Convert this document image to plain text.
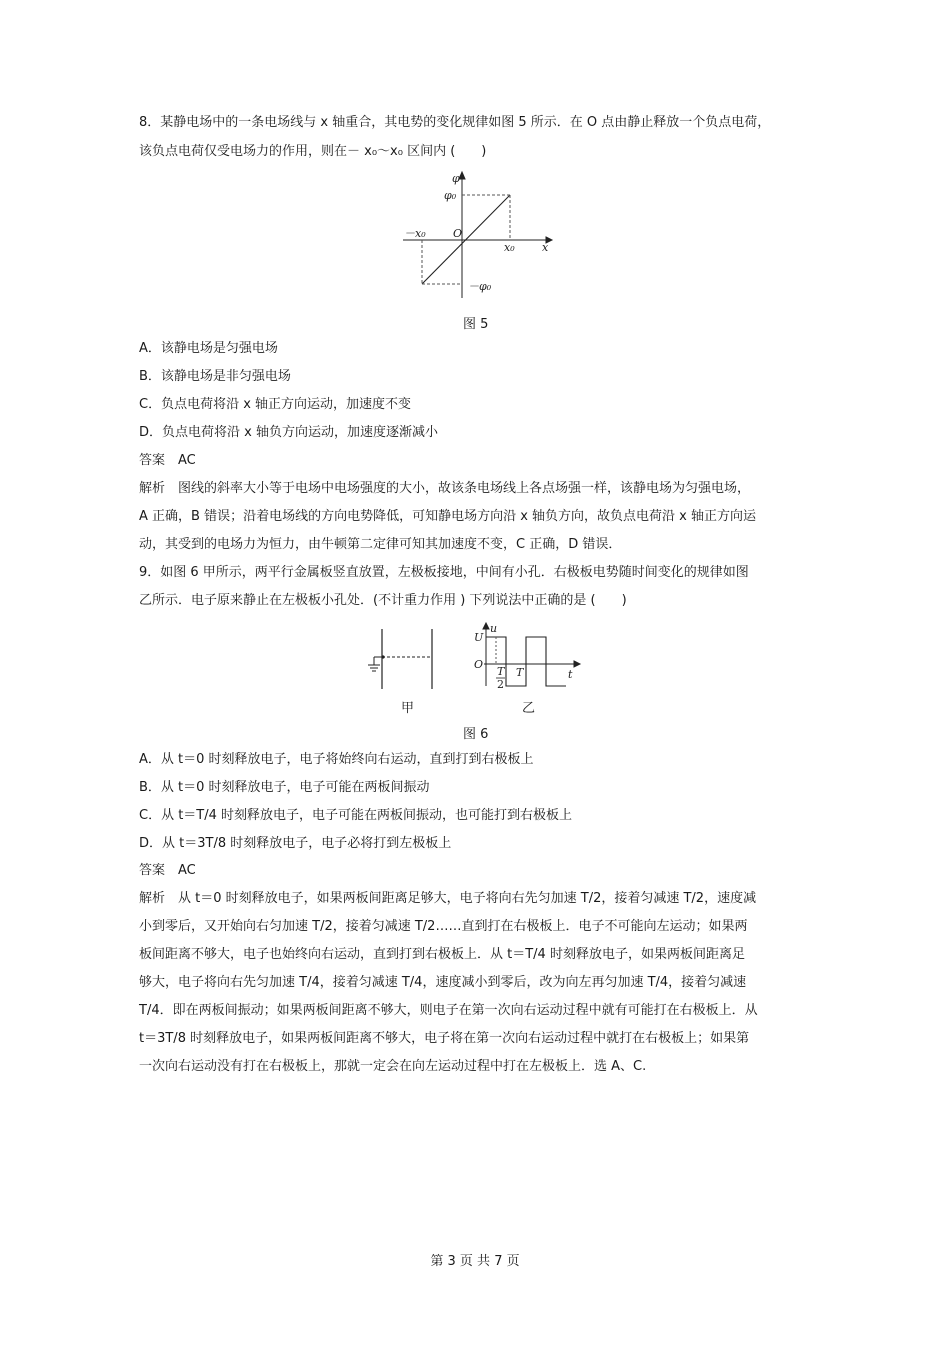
8．某静电场中的一条电场线与 x 轴重合，其电势的变化规律如图 5 所示．在 O 点由静止释放一个负点电荷，
该负点电荷仅受电场力的作用，则在－ x₀～x₀ 区间内 (　　)
φ
φ₀
O
－x₀
x₀ x
－φ₀
图 5
A．该静电场是匀强电场
B．该静电场是非匀强电场
C．负点电荷将沿 x 轴正方向运动，加速度不变
D．负点电荷将沿 x 轴负方向运动，加速度逐渐减小
答案　AC
解析　图线的斜率大小等于电场中电场强度的大小，故该条电场线上各点场强一样，该静电场为匀强电场，
A 正确，B 错误；沿着电场线的方向电势降低，可知静电场方向沿 x 轴负方向，故负点电荷沿 x 轴正方向运
动，其受到的电场力为恒力，由牛顿第二定律可知其加速度不变，C 正确，D 错误．
9．如图 6 甲所示，两平行金属板竖直放置，左极板接地，中间有小孔．右极板电势随时间变化的规律如图
乙所示．电子原来静止在左极板小孔处．(不计重力作用 ) 下列说法中正确的是 (　　)
甲
u
U
O
T
2
T	t
乙
图 6
A．从 t＝0 时刻释放电子，电子将始终向右运动，直到打到右极板上
B．从 t＝0 时刻释放电子，电子可能在两板间振动
C．从 t＝T/4 时刻释放电子，电子可能在两板间振动，也可能打到右极板上
D．从 t＝3T/8 时刻释放电子，电子必将打到左极板上
答案　AC
解析　从 t＝0 时刻释放电子，如果两板间距离足够大，电子将向右先匀加速 T/2，接着匀减速 T/2，速度减
小到零后，又开始向右匀加速 T/2，接着匀减速 T/2……直到打在右极板上．电子不可能向左运动；如果两
板间距离不够大，电子也始终向右运动，直到打到右极板上．从 t＝T/4 时刻释放电子，如果两板间距离足
够大，电子将向右先匀加速 T/4，接着匀减速 T/4，速度减小到零后，改为向左再匀加速 T/4，接着匀减速
T/4．即在两板间振动；如果两板间距离不够大，则电子在第一次向右运动过程中就有可能打在右极板上．从
t＝3T/8 时刻释放电子，如果两板间距离不够大，电子将在第一次向右运动过程中就打在右极板上；如果第
一次向右运动没有打在右极板上，那就一定会在向左运动过程中打在左极板上．选 A、C.
第 3 页 共 7 页
